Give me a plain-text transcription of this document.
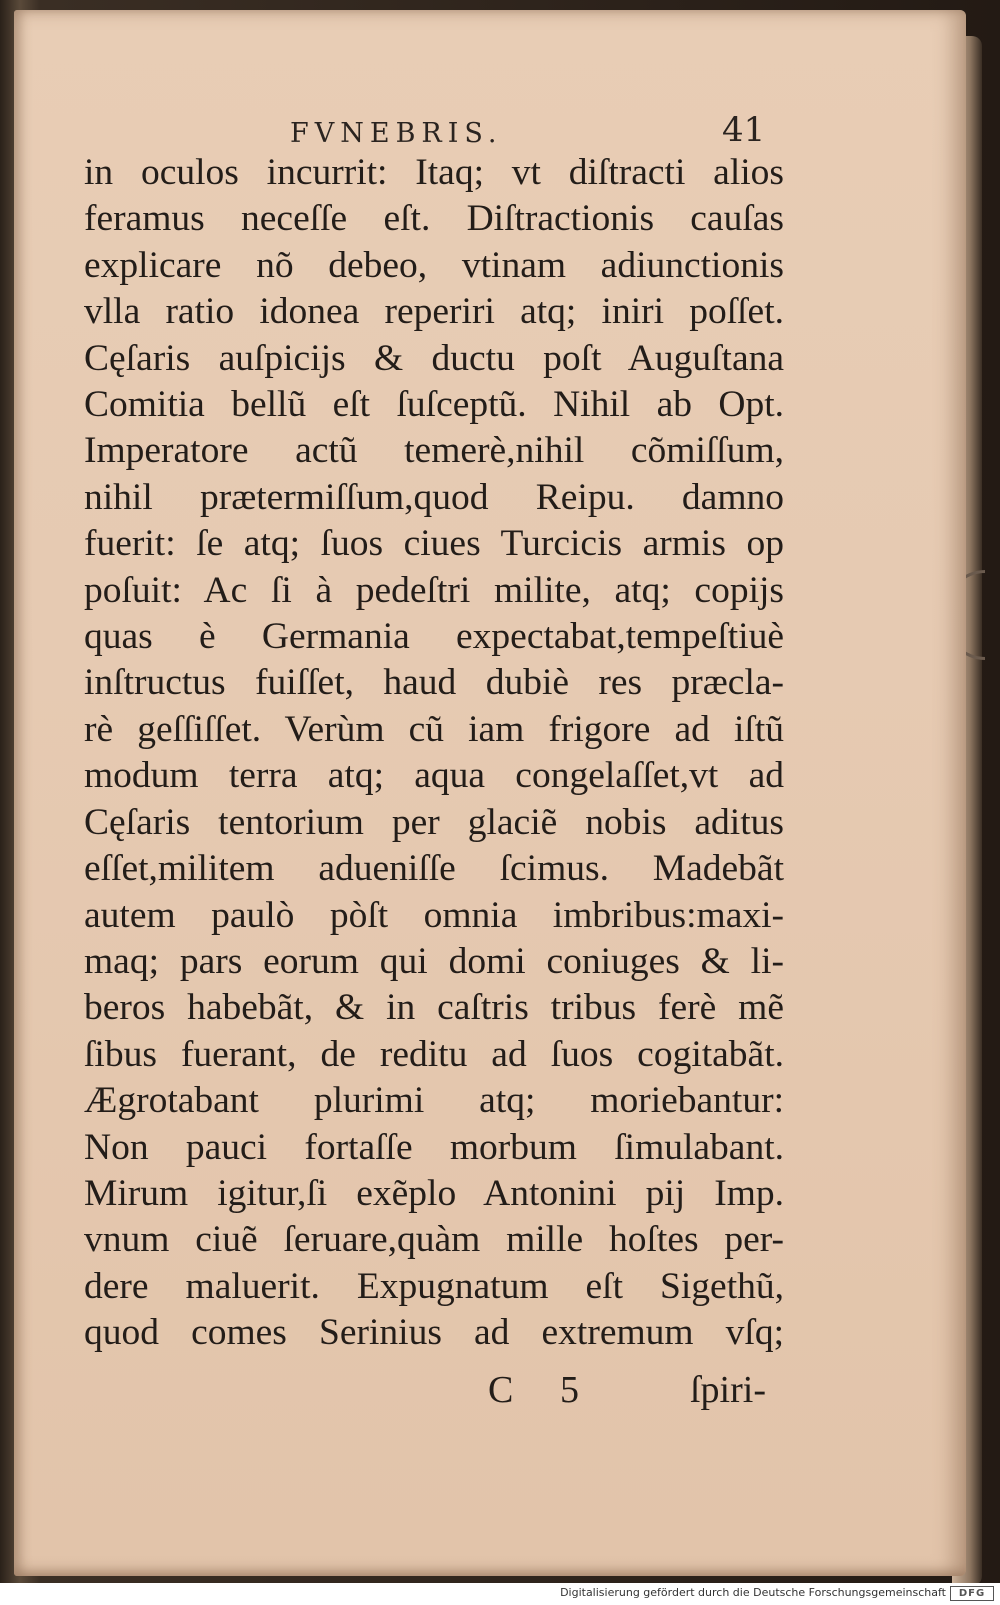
FVNEBRIS.	41
in oculos incurrit: Itaq; vt diſtracti alios
feramus neceſſe eſt. Diſtractionis cauſas
explicare nõ debeo, vtinam adiunctionis
vlla ratio idonea reperiri atq; iniri poſſet.
Cęſaris auſpicijs & ductu poſt Auguſtana
Comitia bellũ eſt ſuſceptũ. Nihil ab Opt.
Imperatore actũ temerè,nihil cõmiſſum,
nihil prætermiſſum,quod Reipu. damno
fuerit: ſe atq; ſuos ciues Turcicis armis op
poſuit: Ac ſi à pedeſtri milite, atq; copijs
quas è Germania expectabat,tempeſtiuè
inſtructus fuiſſet, haud dubiè res præcla-
rè geſſiſſet. Verùm cũ iam frigore ad iſtũ
modum terra atq; aqua congelaſſet,vt ad
Cęſaris tentorium per glaciẽ nobis aditus
eſſet,militem adueniſſe ſcimus. Madebãt
autem paulò pòſt omnia imbribus:maxi-
maq; pars eorum qui domi coniuges & li-
beros habebãt, & in caſtris tribus ferè mẽ
ſibus fuerant, de reditu ad ſuos cogitabãt.
Ægrotabant plurimi atq; moriebantur:
Non pauci fortaſſe morbum ſimulabant.
Mirum igitur,ſi exẽplo Antonini pij Imp.
vnum ciuẽ ſeruare,quàm mille hoſtes per-
dere maluerit. Expugnatum eſt Sigethũ,
quod comes Serinius ad extremum vſq;
C 5	ſpiri-
Digitalisierung gefördert durch die Deutsche Forschungsgemeinschaft	DFG
